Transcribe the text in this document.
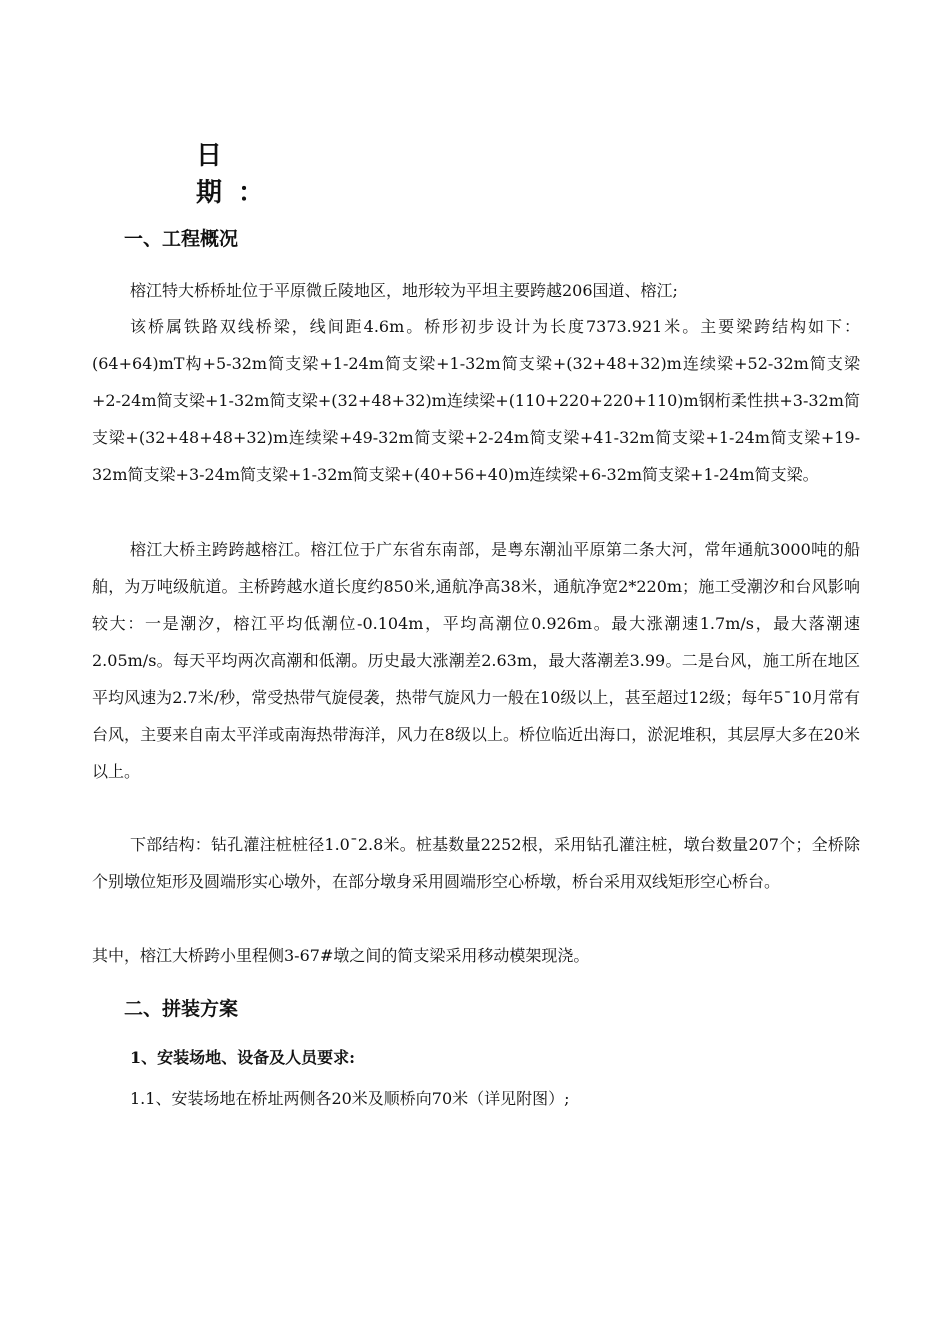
日
期：
一、工程概况

榕江特大桥桥址位于平原微丘陵地区，地形较为平坦主要跨越206国道、榕江;

该桥属铁路双线桥梁，线间距4.6m。桥形初步设计为长度7373.921米。主要梁跨结构如下：(64+64)mT构+5-32m简支梁+1-24m简支梁+1-32m简支梁+(32+48+32)m连续梁+52-32m简支梁+2-24m简支梁+1-32m简支梁+(32+48+32)m连续梁+(110+220+220+110)m钢桁柔性拱+3-32m简支梁+(32+48+48+32)m连续梁+49-32m简支梁+2-24m简支梁+41-32m简支梁+1-24m简支梁+19-32m简支梁+3-24m简支梁+1-32m简支梁+(40+56+40)m连续梁+6-32m简支梁+1-24m简支梁。

榕江大桥主跨跨越榕江。榕江位于广东省东南部，是粤东潮汕平原第二条大河，常年通航3000吨的船舶，为万吨级航道。主桥跨越水道长度约850米,通航净高38米，通航净宽2*220m；施工受潮汐和台风影响较大：一是潮汐，榕江平均低潮位-0.104m，平均高潮位0.926m。最大涨潮速1.7m/s，最大落潮速2.05m/s。每天平均两次高潮和低潮。历史最大涨潮差2.63m，最大落潮差3.99。二是台风，施工所在地区平均风速为2.7米/秒，常受热带气旋侵袭，热带气旋风力一般在10级以上，甚至超过12级；每年5¯10月常有台风，主要来自南太平洋或南海热带海洋，风力在8级以上。桥位临近出海口，淤泥堆积，其层厚大多在20米以上。

下部结构：钻孔灌注桩桩径1.0¯2.8米。桩基数量2252根，采用钻孔灌注桩，墩台数量207个；全桥除个别墩位矩形及圆端形实心墩外，在部分墩身采用圆端形空心桥墩，桥台采用双线矩形空心桥台。

其中，榕江大桥跨小里程侧3-67#墩之间的简支梁采用移动模架现浇。

二、拼装方案
1、安装场地、设备及人员要求:

1.1、安装场地在桥址两侧各20米及顺桥向70米（详见附图）;
